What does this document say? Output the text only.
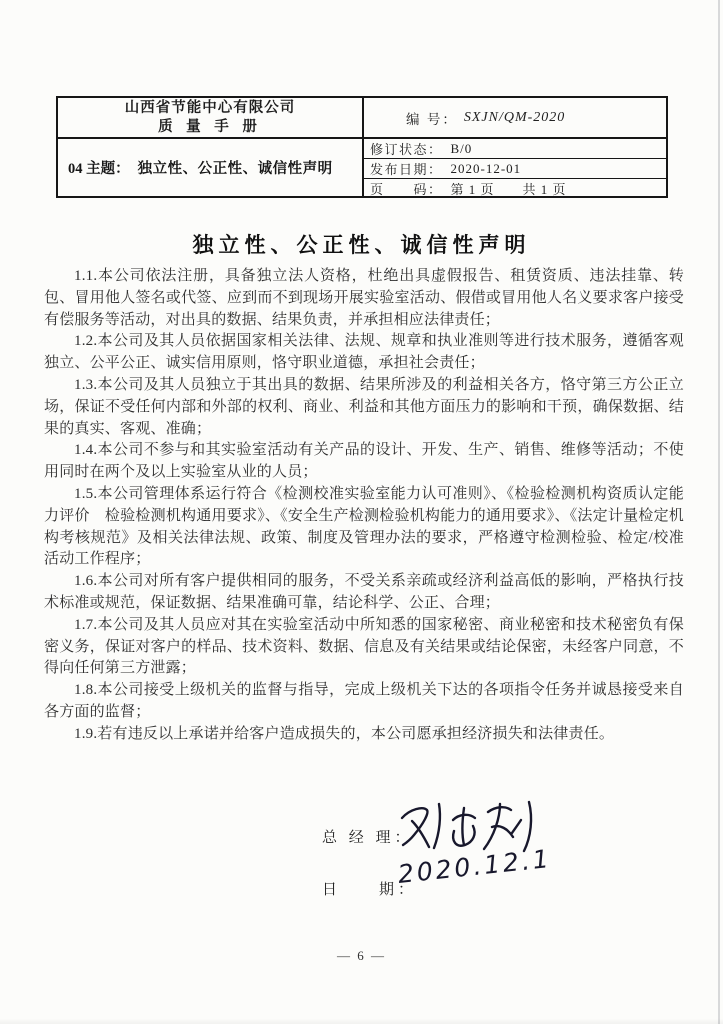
山西省节能中心有限公司
质 量 手 册	编 号： SXJN/QM-2020
04 主题： 独立性、公正性、诚信性声明
修订状态： B/0
发布日期： 2020-12-01
页　　码： 第 1 页　　共 1 页
独立性、公正性、诚信性声明

1.1.本公司依法注册，具备独立法人资格，杜绝出具虚假报告、租赁资质、违法挂靠、转包、冒用他人签名或代签、应到而不到现场开展实验室活动、假借或冒用他人名义要求客户接受有偿服务等活动，对出具的数据、结果负责，并承担相应法律责任；

1.2.本公司及其人员依据国家相关法律、法规、规章和执业准则等进行技术服务，遵循客观独立、公平公正、诚实信用原则，恪守职业道德，承担社会责任；

1.3.本公司及其人员独立于其出具的数据、结果所涉及的利益相关各方，恪守第三方公正立场，保证不受任何内部和外部的权利、商业、利益和其他方面压力的影响和干预，确保数据、结果的真实、客观、准确；

1.4.本公司不参与和其实验室活动有关产品的设计、开发、生产、销售、维修等活动；不使用同时在两个及以上实验室从业的人员；

1.5.本公司管理体系运行符合《检测校准实验室能力认可准则》、《检验检测机构资质认定能力评价　检验检测机构通用要求》、《安全生产检测检验机构能力的通用要求》、《法定计量检定机构考核规范》及相关法律法规、政策、制度及管理办法的要求，严格遵守检测检验、检定/校准活动工作程序；

1.6.本公司对所有客户提供相同的服务，不受关系亲疏或经济利益高低的影响，严格执行技术标准或规范，保证数据、结果准确可靠，结论科学、公正、合理；

1.7.本公司及其人员应对其在实验室活动中所知悉的国家秘密、商业秘密和技术秘密负有保密义务，保证对客户的样品、技术资料、数据、信息及有关结果或结论保密，未经客户同意，不得向任何第三方泄露；

1.8.本公司接受上级机关的监督与指导，完成上级机关下达的各项指令任务并诚恳接受来自各方面的监督；

1.9.若有违反以上承诺并给客户造成损失的，本公司愿承担经济损失和法律责任。

总 经 理：
日　　期：
2020.12.1
— 6 —
